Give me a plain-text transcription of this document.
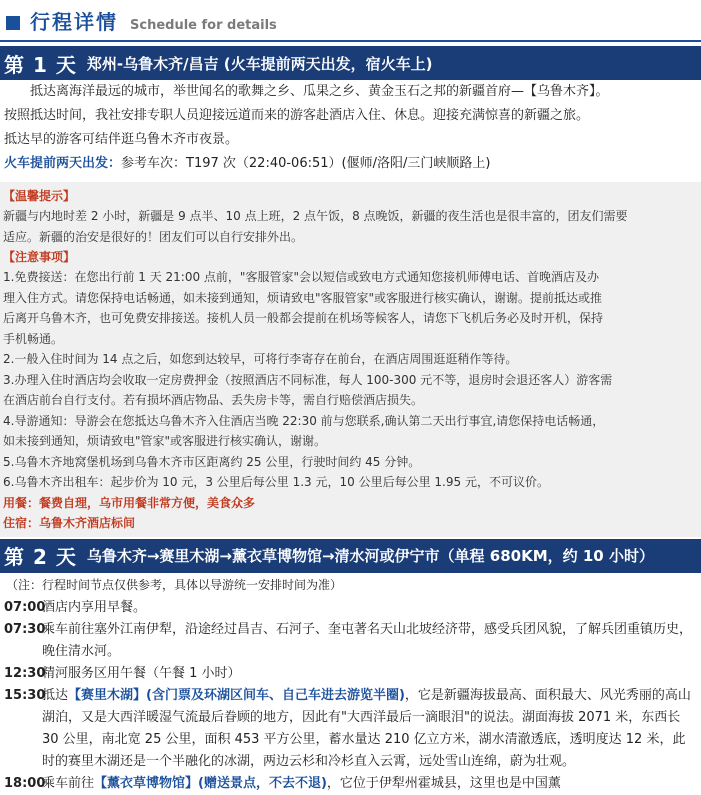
行程详情 Schedule for details
第 1 天 郑州-乌鲁木齐/昌吉 (火车提前两天出发，宿火车上)
抵达离海洋最远的城市，举世闻名的歌舞之乡、瓜果之乡、黄金玉石之邦的新疆首府—【乌鲁木齐】。
按照抵达时间，我社安排专职人员迎接远道而来的游客赴酒店入住、休息。迎接充满惊喜的新疆之旅。
抵达早的游客可结伴逛乌鲁木齐市夜景。
火车提前两天出发：参考车次：T197 次（22:40-06:51）(偃师/洛阳/三门峡顺路上)
【温馨提示】
新疆与内地时差 2 小时，新疆是 9 点半、10 点上班，2 点午饭，8 点晚饭，新疆的夜生活也是很丰富的，团友们需要
适应。新疆的治安是很好的！团友们可以自行安排外出。
【注意事项】
1.免费接送：在您出行前 1 天 21:00 点前，"客服管家"会以短信或致电方式通知您接机师傅电话、首晚酒店及办
理入住方式。请您保持电话畅通，如未接到通知，烦请致电"客服管家"或客服进行核实确认，谢谢。提前抵达或推
后离开乌鲁木齐，也可免费安排接送。接机人员一般都会提前在机场等候客人，请您下飞机后务必及时开机，保持
手机畅通。
2.一般入住时间为 14 点之后，如您到达较早，可将行李寄存在前台，在酒店周围逛逛稍作等待。
3.办理入住时酒店均会收取一定房费押金（按照酒店不同标准，每人 100-300 元不等，退房时会退还客人）游客需
在酒店前台自行支付。若有损坏酒店物品、丢失房卡等，需自行赔偿酒店损失。
4.导游通知：导游会在您抵达乌鲁木齐入住酒店当晚 22:30 前与您联系,确认第二天出行事宜,请您保持电话畅通，
如未接到通知，烦请致电"管家"或客服进行核实确认，谢谢。
5.乌鲁木齐地窝堡机场到乌鲁木齐市区距离约 25 公里，行驶时间约 45 分钟。
6.乌鲁木齐出租车：起步价为 10 元，3 公里后每公里 1.3 元，10 公里后每公里 1.95 元，不可议价。
用餐：餐费自理，乌市用餐非常方便，美食众多
住宿：乌鲁木齐酒店标间
第 2 天 乌鲁木齐→赛里木湖→薰衣草博物馆→清水河或伊宁市（单程 680KM，约 10 小时）
（注：行程时间节点仅供参考，具体以导游统一安排时间为准）
07:00
酒店内享用早餐。
07:30
乘车前往塞外江南伊犁，沿途经过昌吉、石河子、奎屯著名天山北坡经济带，感受兵团风貌，了解兵团重镇历史，晚住清水河。
12:30
精河服务区用午餐（午餐 1 小时）
15:30
抵达【赛里木湖】(含门票及环湖区间车、自己车进去游览半圈)，它是新疆海拔最高、面积最大、风光秀丽的高山湖泊，又是大西洋暖湿气流最后眷顾的地方，因此有"大西洋最后一滴眼泪"的说法。湖面海拔 2071 米，东西长 30 公里，南北宽 25 公里，面积 453 平方公里，蓄水量达 210 亿立方米，湖水清澈透底，透明度达 12 米，此时的赛里木湖还是一个半融化的冰湖，两边云杉和冷杉直入云霄，远处雪山连绵，蔚为壮观。
18:00
乘车前往【薰衣草博物馆】(赠送景点，不去不退)，它位于伊犁州霍城县，这里也是中国薰
